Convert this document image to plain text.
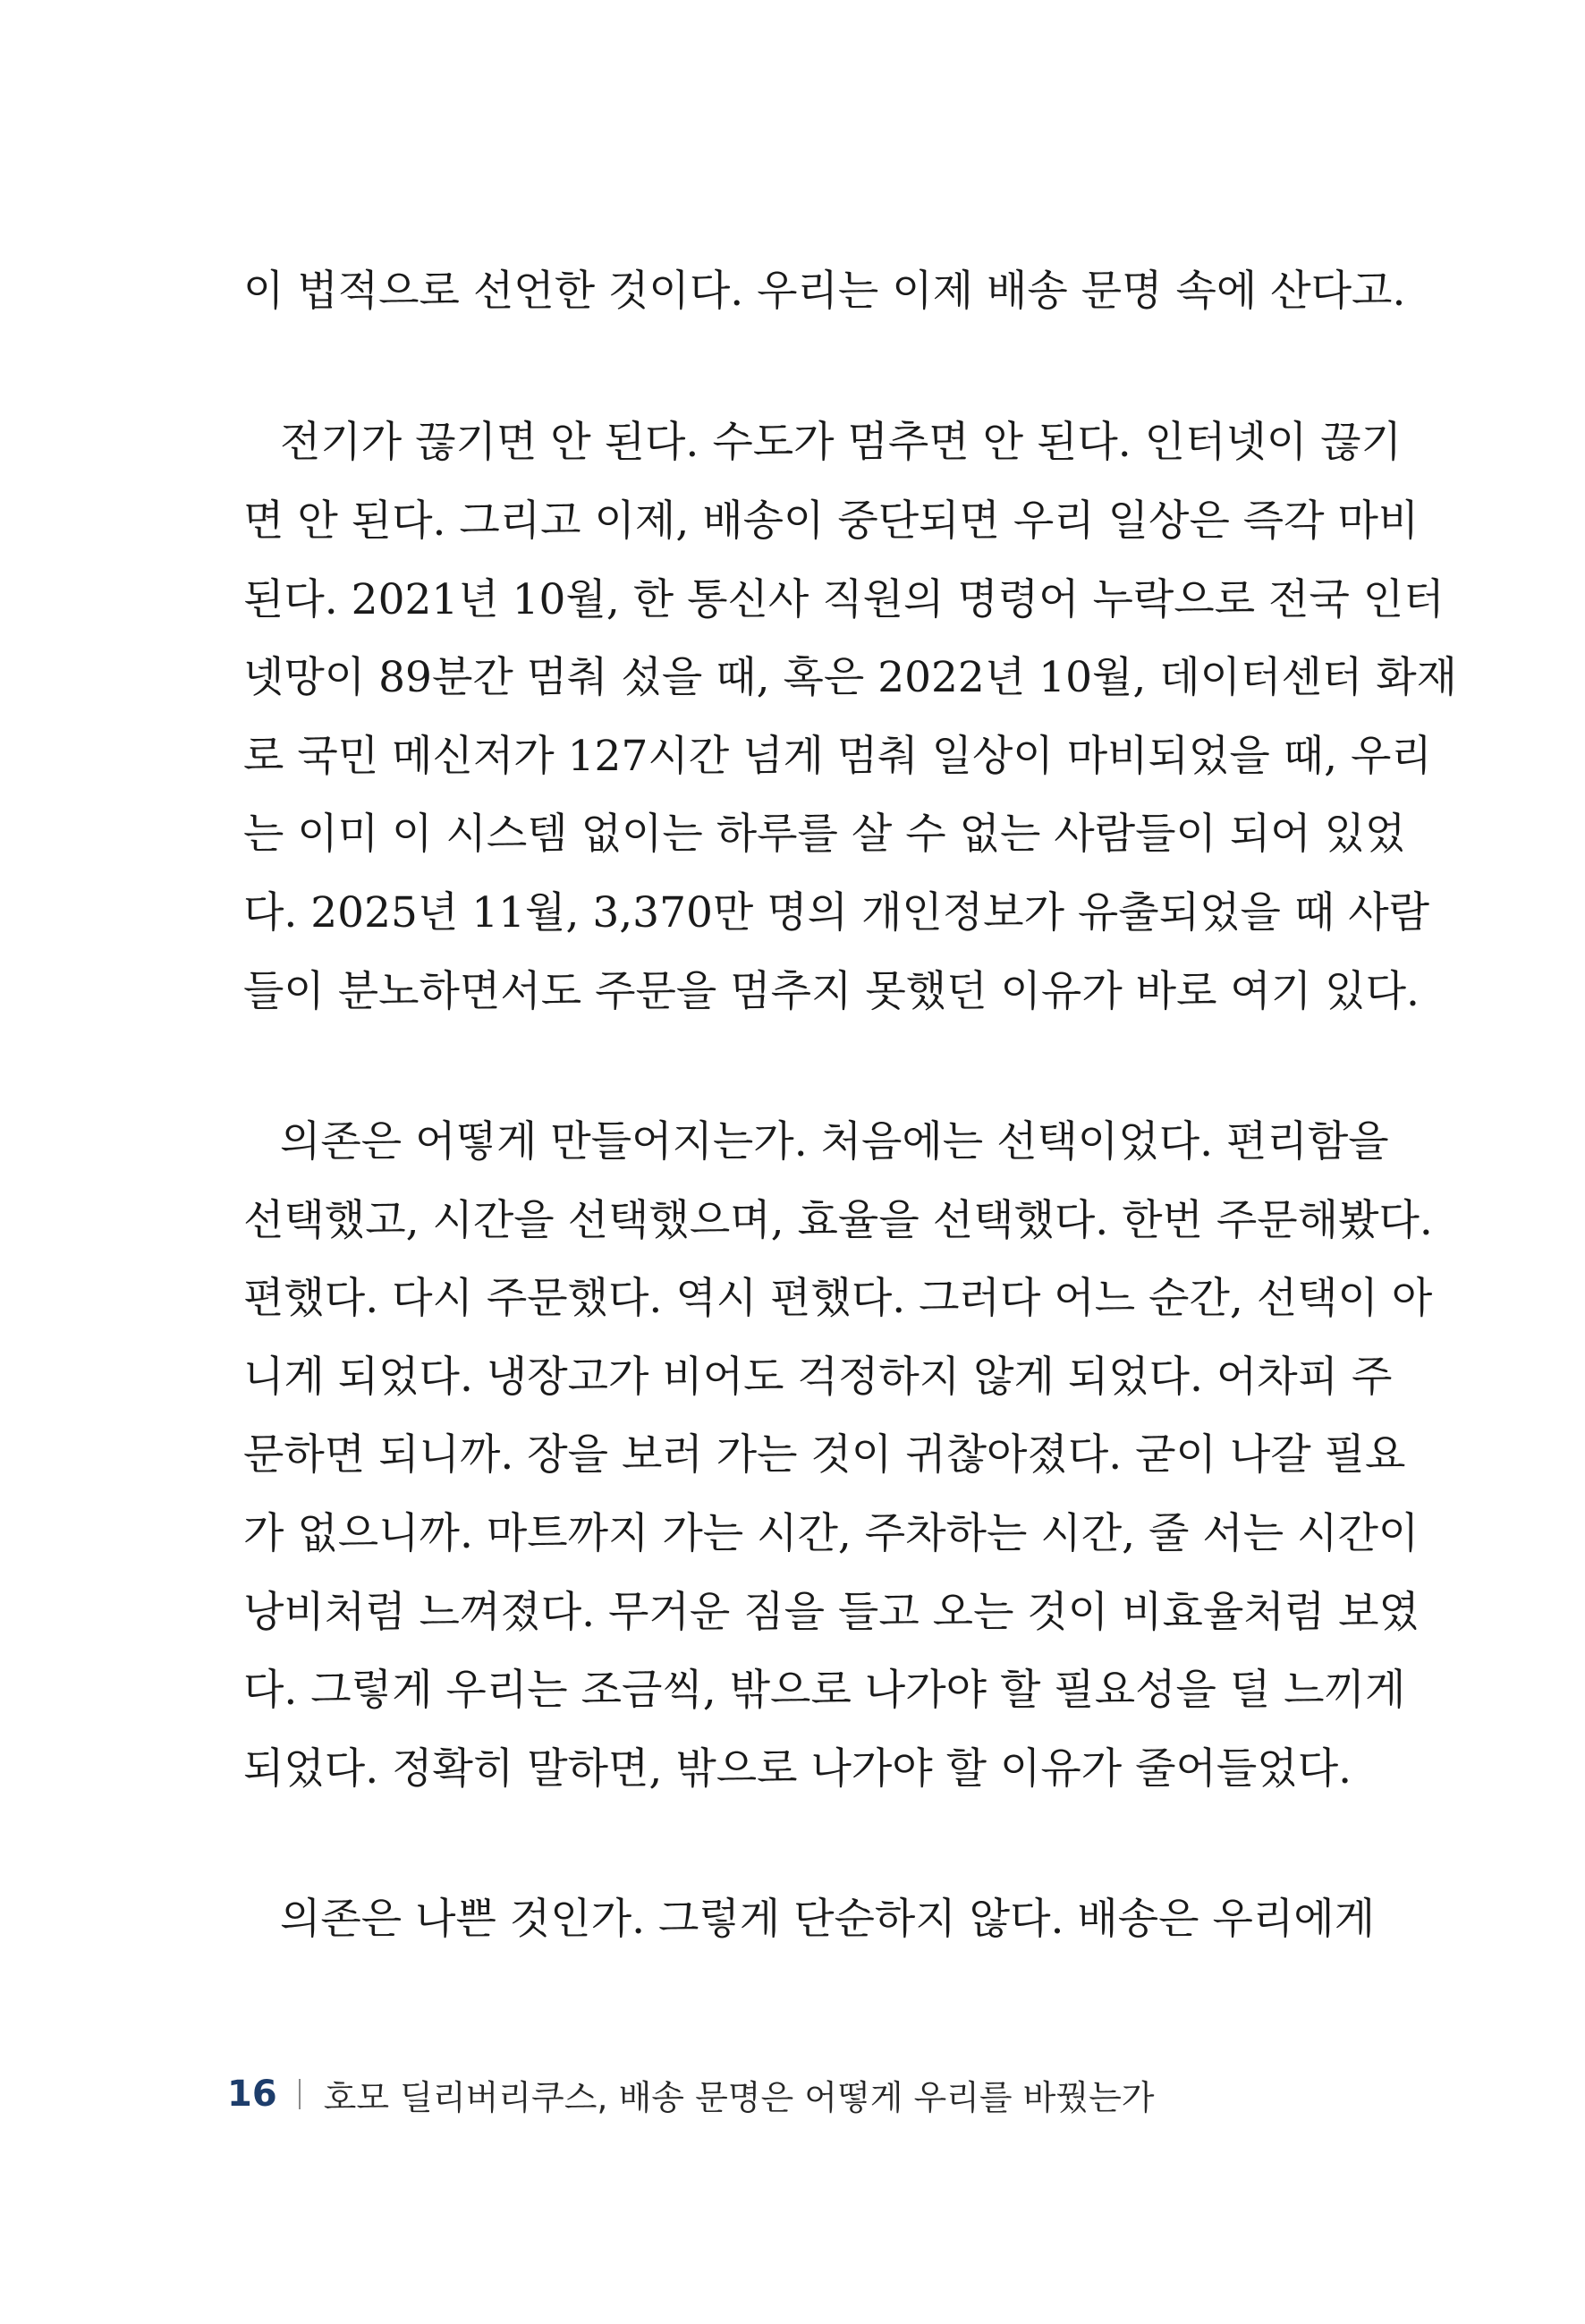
이 법적으로 선언한 것이다. 우리는 이제 배송 문명 속에 산다고.
전기가 끊기면 안 된다. 수도가 멈추면 안 된다. 인터넷이 끊기
면 안 된다. 그리고 이제, 배송이 중단되면 우리 일상은 즉각 마비
된다. 2021년 10월, 한 통신사 직원의 명령어 누락으로 전국 인터
넷망이 89분간 멈춰 섰을 때, 혹은 2022년 10월, 데이터센터 화재
로 국민 메신저가 127시간 넘게 멈춰 일상이 마비되었을 때, 우리
는 이미 이 시스템 없이는 하루를 살 수 없는 사람들이 되어 있었
다. 2025년 11월, 3,370만 명의 개인정보가 유출되었을 때 사람
들이 분노하면서도 주문을 멈추지 못했던 이유가 바로 여기 있다.
의존은 어떻게 만들어지는가. 처음에는 선택이었다. 편리함을
선택했고, 시간을 선택했으며, 효율을 선택했다. 한번 주문해봤다.
편했다. 다시 주문했다. 역시 편했다. 그러다 어느 순간, 선택이 아
니게 되었다. 냉장고가 비어도 걱정하지 않게 되었다. 어차피 주
문하면 되니까. 장을 보러 가는 것이 귀찮아졌다. 굳이 나갈 필요
가 없으니까. 마트까지 가는 시간, 주차하는 시간, 줄 서는 시간이
낭비처럼 느껴졌다. 무거운 짐을 들고 오는 것이 비효율처럼 보였
다. 그렇게 우리는 조금씩, 밖으로 나가야 할 필요성을 덜 느끼게
되었다. 정확히 말하면, 밖으로 나가야 할 이유가 줄어들었다.
의존은 나쁜 것인가. 그렇게 단순하지 않다. 배송은 우리에게
16 호모 딜리버리쿠스, 배송 문명은 어떻게 우리를 바꿨는가
